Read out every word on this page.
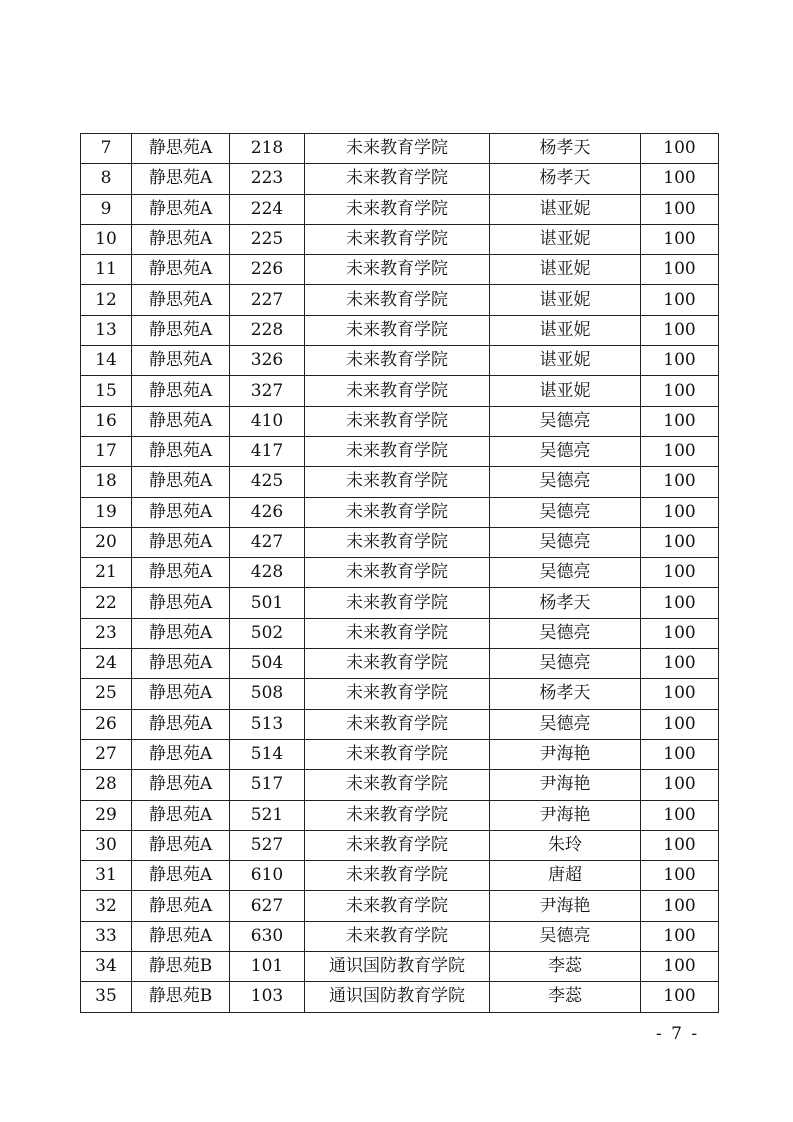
7	静思苑A	218	未来教育学院	杨孝天	100
8	静思苑A	223	未来教育学院	杨孝天	100
9	静思苑A	224	未来教育学院	谌亚妮	100
10	静思苑A	225	未来教育学院	谌亚妮	100
11	静思苑A	226	未来教育学院	谌亚妮	100
12	静思苑A	227	未来教育学院	谌亚妮	100
13	静思苑A	228	未来教育学院	谌亚妮	100
14	静思苑A	326	未来教育学院	谌亚妮	100
15	静思苑A	327	未来教育学院	谌亚妮	100
16	静思苑A	410	未来教育学院	吴德亮	100
17	静思苑A	417	未来教育学院	吴德亮	100
18	静思苑A	425	未来教育学院	吴德亮	100
19	静思苑A	426	未来教育学院	吴德亮	100
20	静思苑A	427	未来教育学院	吴德亮	100
21	静思苑A	428	未来教育学院	吴德亮	100
22	静思苑A	501	未来教育学院	杨孝天	100
23	静思苑A	502	未来教育学院	吴德亮	100
24	静思苑A	504	未来教育学院	吴德亮	100
25	静思苑A	508	未来教育学院	杨孝天	100
26	静思苑A	513	未来教育学院	吴德亮	100
27	静思苑A	514	未来教育学院	尹海艳	100
28	静思苑A	517	未来教育学院	尹海艳	100
29	静思苑A	521	未来教育学院	尹海艳	100
30	静思苑A	527	未来教育学院	朱玲	100
31	静思苑A	610	未来教育学院	唐超	100
32	静思苑A	627	未来教育学院	尹海艳	100
33	静思苑A	630	未来教育学院	吴德亮	100
34	静思苑B	101	通识国防教育学院	李蕊	100
35	静思苑B	103	通识国防教育学院	李蕊	100
- 7 -
